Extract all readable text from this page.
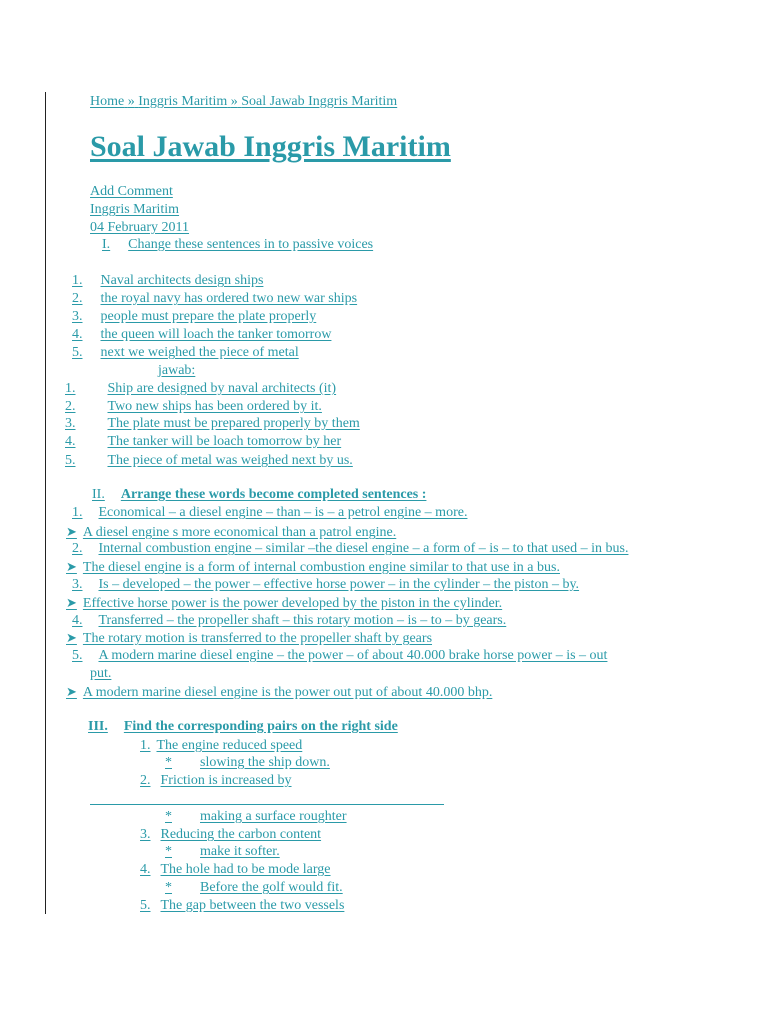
Home » Inggris Maritim » Soal Jawab Inggris Maritim
Soal Jawab Inggris Maritim
Add Comment
Inggris Maritim
04 February 2011
I. Change these sentences in to passive voices
1. Naval architects design ships
2. the royal navy has ordered two new war ships
3. people must prepare the plate properly
4. the queen will loach the tanker tomorrow
5. next we weighed the piece of metal
jawab:
1. Ship are designed by naval architects (it)
2. Two new ships has been ordered by it.
3. The plate must be prepared properly by them
4. The tanker will be loach tomorrow by her
5. The piece of metal was weighed next by us.
II. Arrange these words become completed sentences :
1. Economical – a diesel engine – than – is – a petrol engine – more.
➤ A diesel engine s more economical than a patrol engine.
2. Internal combustion engine – similar –the diesel engine – a form of – is – to that used – in bus.
➤ The diesel engine is a form of internal combustion engine similar to that use in a bus.
3. Is – developed – the power – effective horse power – in the cylinder – the piston – by.
➤ Effective horse power is the power developed by the piston in the cylinder.
4. Transferred – the propeller shaft – this rotary motion – is – to – by gears.
➤ The rotary motion is transferred to the propeller shaft by gears
5. A modern marine diesel engine – the power – of about 40.000 brake horse power – is – out
put.
➤ A modern marine diesel engine is the power out put of about 40.000 bhp.
III. Find the corresponding pairs on the right side
1. The engine reduced speed
* slowing the ship down.
2. Friction is increased by
* making a surface roughter
3. Reducing the carbon content
* make it softer.
4. The hole had to be mode large
* Before the golf would fit.
5. The gap between the two vessels
